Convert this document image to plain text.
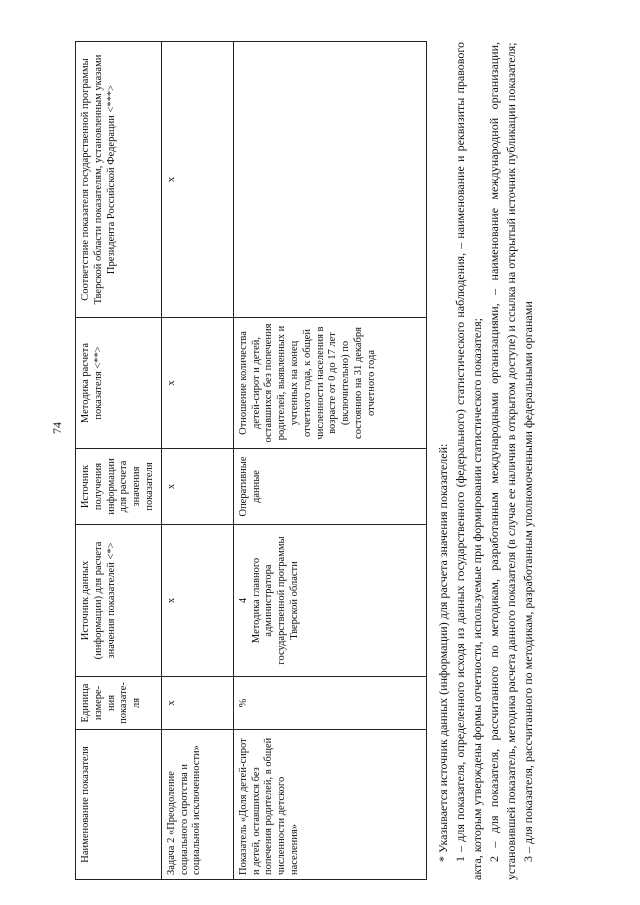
74
Наименование показателя	Единица измере-ния показате-ля	Источник данных (информации) для расчета значения показателей <*>	Источник получения информации для расчета значения показателя	Методика расчета показателя <**>	Соответствие показателя государственной программы Тверской области показателям, установленным указами Президента Российской Федерации <***>
Задача 2 «Преодоление социального сиротства и социальной исключенности»	х	х	х	х	х
Показатель «Доля детей-сирот и детей, оставшихся без попечения родителей, в общей численности детского населения»	%	4 Методика главного администратора государственной программы Тверской области	Оперативные данные	Отношение количества детей-сирот и детей, оставшихся без попечения родителей, выявленных и учтенных на конец отчетного года, к общей численности населения в возрасте от 0 до 17 лет (включительно) по состоянию на 31 декабря отчетного года	

* Указывается источник данных (информации) для расчета значения показателей: 1 – для показателя, определенного исходя из данных государственного (федерального) статистического наблюдения, – наименование и реквизиты правового акта, которым утверждены формы отчетности, используемые при формировании статистического показателя; 2 – для показателя, рассчитанного по методикам, разработанным международными организациями, – наименование международной организации, установившей показатель, методика расчета данного показателя (в случае ее наличия в открытом доступе) и ссылка на открытый источник публикации показателя; 3 – для показателя, рассчитанного по методикам, разработанным уполномоченными федеральными органами
